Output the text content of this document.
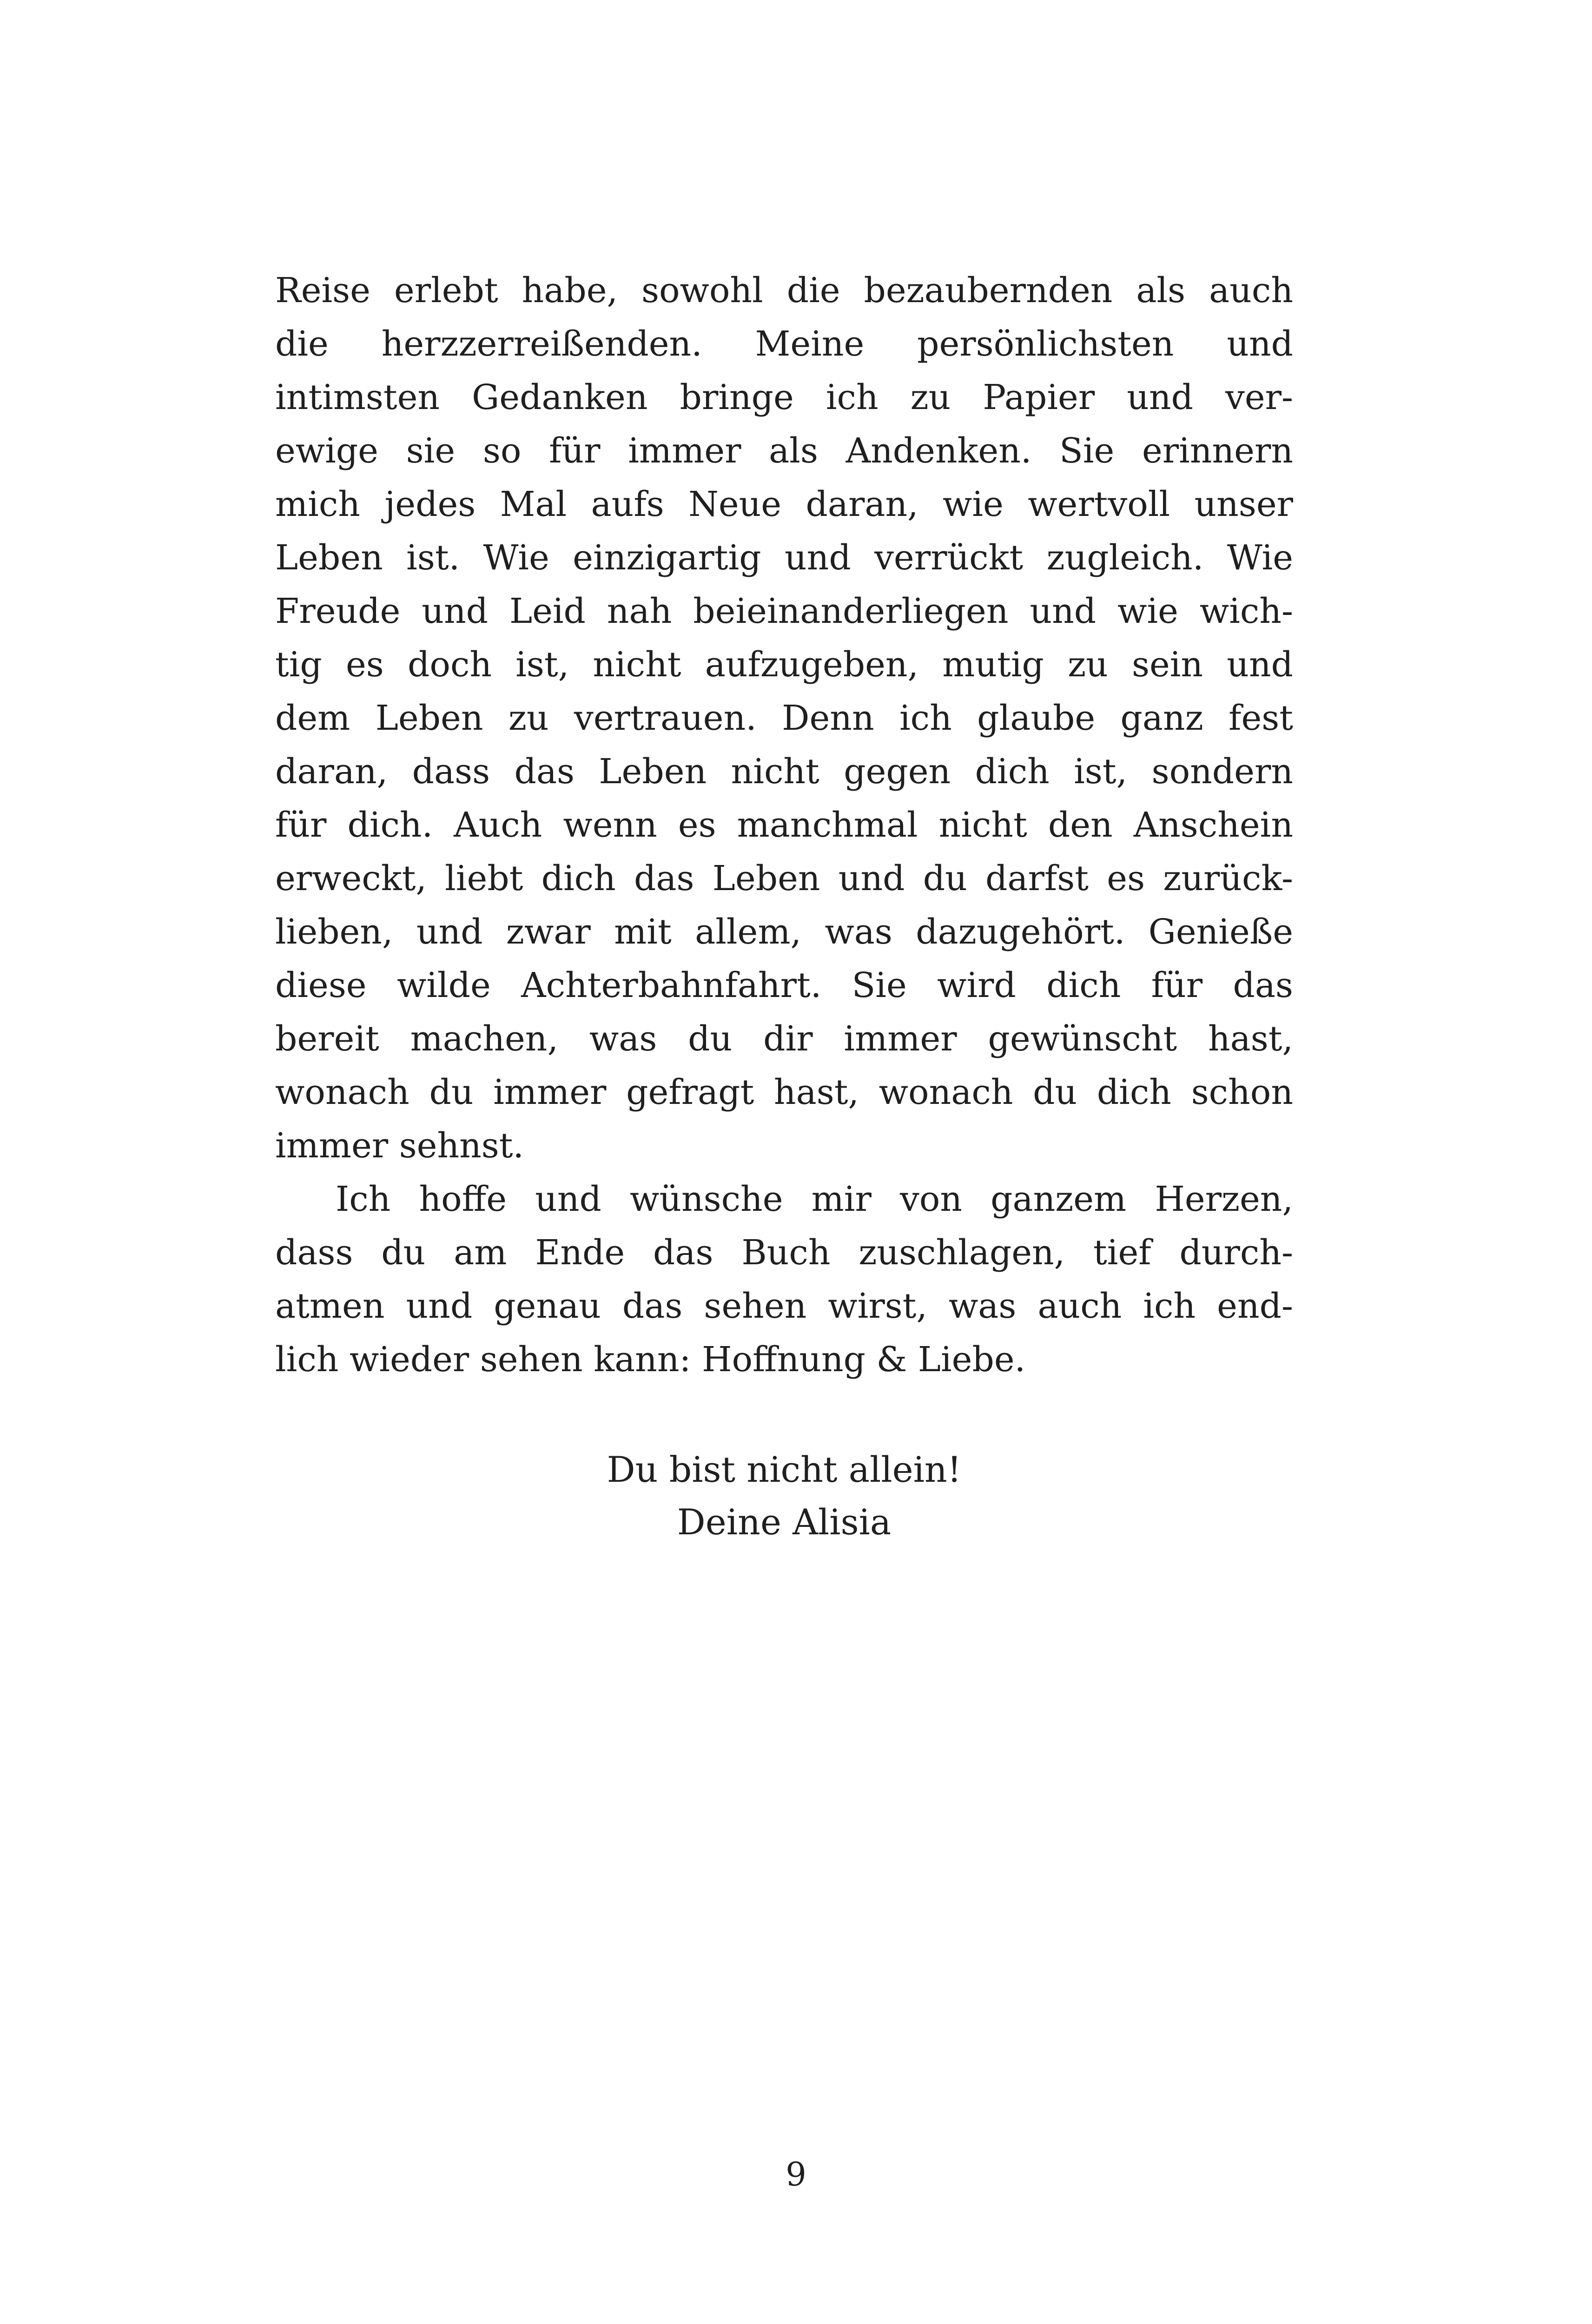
Reise erlebt habe, sowohl die bezaubernden als auch
die herzzerreißenden. Meine persönlichsten und
intimsten Gedanken bringe ich zu Papier und ver-
ewige sie so für immer als Andenken. Sie erinnern
mich jedes Mal aufs Neue daran, wie wertvoll unser
Leben ist. Wie einzigartig und verrückt zugleich. Wie
Freude und Leid nah beieinanderliegen und wie wich-
tig es doch ist, nicht aufzugeben, mutig zu sein und
dem Leben zu vertrauen. Denn ich glaube ganz fest
daran, dass das Leben nicht gegen dich ist, sondern
für dich. Auch wenn es manchmal nicht den Anschein
erweckt, liebt dich das Leben und du darfst es zurück-
lieben, und zwar mit allem, was dazugehört. Genieße
diese wilde Achterbahnfahrt. Sie wird dich für das
bereit machen, was du dir immer gewünscht hast,
wonach du immer gefragt hast, wonach du dich schon
immer sehnst.
Ich hoffe und wünsche mir von ganzem Herzen,
dass du am Ende das Buch zuschlagen, tief durch-
atmen und genau das sehen wirst, was auch ich end-
lich wieder sehen kann: Hoffnung & Liebe.
Du bist nicht allein!
Deine Alisia
9
